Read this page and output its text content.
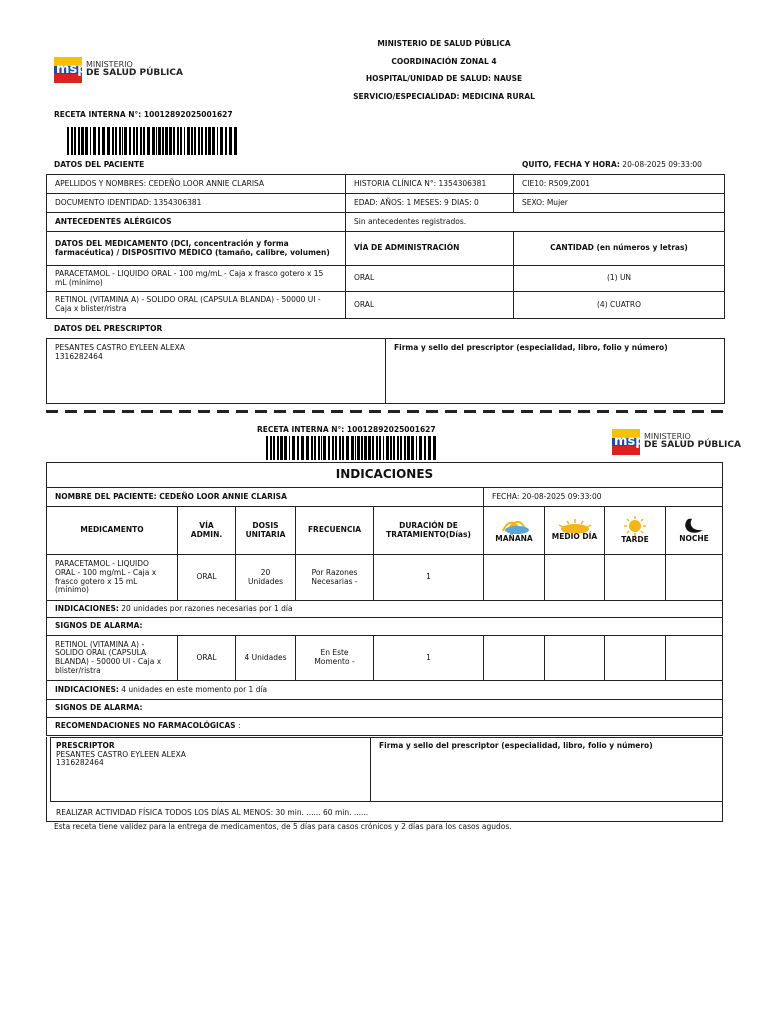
msp MINISTERIO
DE SALUD PÚBLICA
MINISTERIO DE SALUD PÚBLICA
COORDINACIÓN ZONAL 4
HOSPITAL/UNIDAD DE SALUD: NAUSE
SERVICIO/ESPECIALIDAD: MEDICINA RURAL
RECETA INTERNA N°: 10012892025001627
DATOS DEL PACIENTE	QUITO, FECHA Y HORA: 20-08-2025 09:33:00
APELLIDOS Y NOMBRES: CEDEÑO LOOR ANNIE CLARISA	HISTORIA CLÍNICA N°: 1354306381	CIE10: R509,Z001
DOCUMENTO IDENTIDAD: 1354306381	EDAD: AÑOS: 1 MESES: 9 DIAS: 0	SEXO: Mujer
ANTECEDENTES ALÉRGICOS	Sin antecedentes registrados.	
DATOS DEL MEDICAMENTO (DCI, concentración y forma farmacéutica) / DISPOSITIVO MÉDICO (tamaño, calibre, volumen)	VÍA DE ADMINISTRACIÓN	CANTIDAD (en números y letras)
PARACETAMOL - LIQUIDO ORAL - 100 mg/mL - Caja x frasco gotero x 15 mL (mínimo)	ORAL	(1) UN
RETINOL (VITAMINA A) - SOLIDO ORAL (CAPSULA BLANDA) - 50000 UI - Caja x blister/ristra	ORAL	(4) CUATRO
DATOS DEL PRESCRIPTOR
PESANTES CASTRO EYLEEN ALEXA
1316282464
	Firma y sello del prescriptor (especialidad, libro, folio y número)
RECETA INTERNA N°: 10012892025001627
msp MINISTERIO
DE SALUD PÚBLICA
INDICACIONES								
NOMBRE DEL PACIENTE: CEDEÑO LOOR ANNIE CLARISA					FECHA: 20-08-2025 09:33:00			
MEDICAMENTO	VÍA ADMIN.	DOSIS UNITARIA	FRECUENCIA	DURACIÓN DE TRATAMIENTO(Días)	MAÑANA	MEDIO DÍA	TARDE	NOCHE

PARACETAMOL - LIQUIDO ORAL - 100 mg/mL - Caja x frasco gotero x 15 mL (mínimo)	ORAL	20 Unidades	Por Razones Necesarias -	1				
INDICACIONES: 20 unidades por razones necesarias por 1 día								
SIGNOS DE ALARMA:								
RETINOL (VITAMINA A) - SOLIDO ORAL (CAPSULA BLANDA) - 50000 UI - Caja x blister/ristra	ORAL	4 Unidades	En Este Momento -	1				
INDICACIONES: 4 unidades en este momento por 1 día								
SIGNOS DE ALARMA:								
RECOMENDACIONES NO FARMACOLÓGICAS :								
PRESCRIPTOR
PESANTES CASTRO EYLEEN ALEXA
1316282464
	Firma y sello del prescriptor (especialidad, libro, folio y número)
REALIZAR ACTIVIDAD FÍSICA TODOS LOS DÍAS AL MENOS: 30 min. ...... 60 min. ......
Esta receta tiene validez para la entrega de medicamentos, de 5 días para casos crónicos y 2 días para los casos agudos.
